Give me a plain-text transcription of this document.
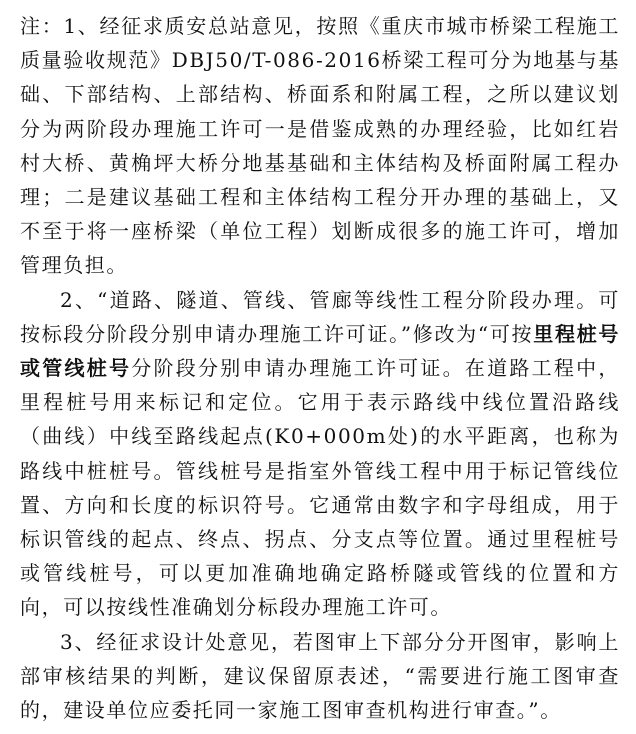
注：1、经征求质安总站意见，按照《重庆市城市桥梁工程施工质量验收规范》DBJ50/T-086-2016桥梁工程可分为地基与基础、下部结构、上部结构、桥面系和附属工程，之所以建议划分为两阶段办理施工许可一是借鉴成熟的办理经验，比如红岩村大桥、黄桷坪大桥分地基基础和主体结构及桥面附属工程办理；二是建议基础工程和主体结构工程分开办理的基础上，又不至于将一座桥梁（单位工程）划断成很多的施工许可，增加管理负担。

2、“道路、隧道、管线、管廊等线性工程分阶段办理。可按标段分阶段分别申请办理施工许可证。”修改为“可按里程桩号或管线桩号分阶段分别申请办理施工许可证。在道路工程中，里程桩号用来标记和定位。它用于表示路线中线位置沿路线（曲线）中线至路线起点(K0+000m处)的水平距离，也称为路线中桩桩号。管线桩号是指室外管线工程中用于标记管线位置、方向和长度的标识符号。它通常由数字和字母组成，用于标识管线的起点、终点、拐点、分支点等位置。通过里程桩号或管线桩号，可以更加准确地确定路桥隧或管线的位置和方向，可以按线性准确划分标段办理施工许可。

3、经征求设计处意见，若图审上下部分分开图审，影响上部审核结果的判断，建议保留原表述，“需要进行施工图审查的，建设单位应委托同一家施工图审查机构进行审查。”。
